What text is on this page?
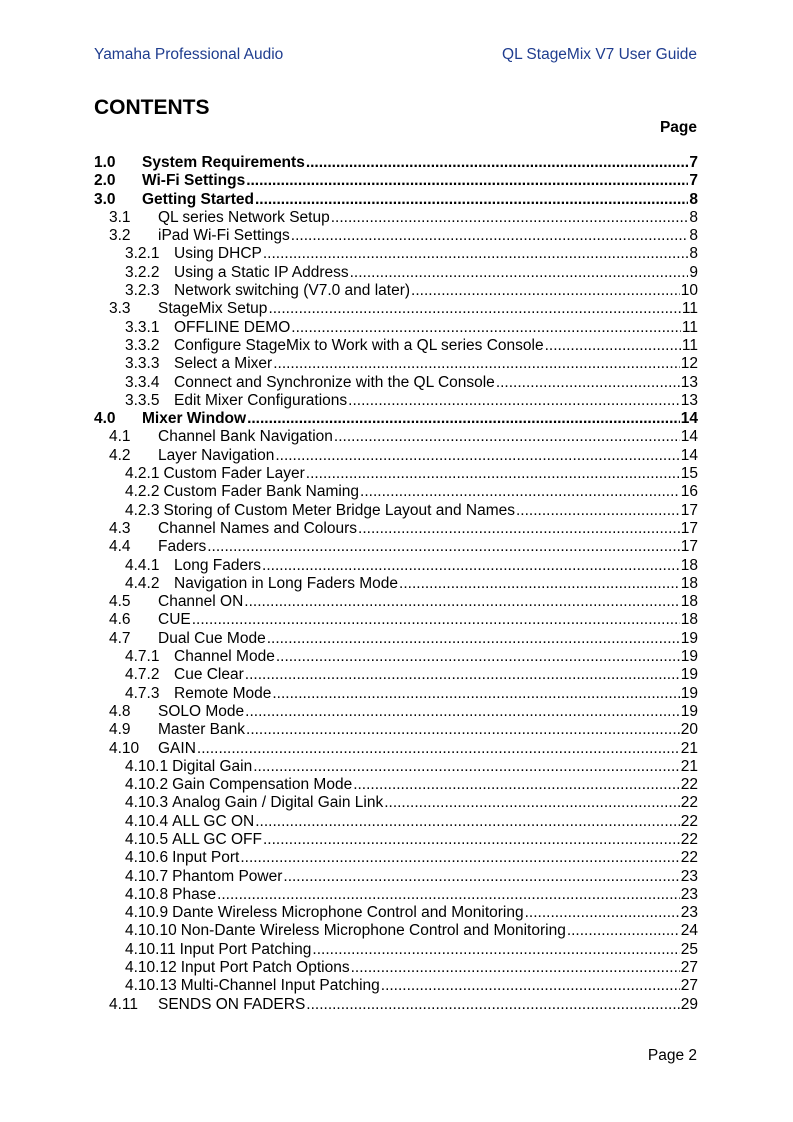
Yamaha Professional Audio	QL StageMix V7 User Guide
CONTENTS
Page
1.0	System Requirements .....	7
2.0	Wi-Fi Settings .....	7
3.0	Getting Started .....	8
3.1	QL series Network Setup .....	8
3.2	iPad Wi-Fi Settings .....	8
3.2.1 Using DHCP .....	8
3.2.2 Using a Static IP Address .....	9
3.2.3 Network switching (V7.0 and later) .....	10
3.3	StageMix Setup .....	11
3.3.1 OFFLINE DEMO .....	11
3.3.2 Configure StageMix to Work with a QL series Console .....	11
3.3.3 Select a Mixer .....	12
3.3.4 Connect and Synchronize with the QL Console .....	13
3.3.5 Edit Mixer Configurations .....	13
4.0	Mixer Window .....	14
4.1	Channel Bank Navigation .....	14
4.2	Layer Navigation .....	14
4.2.1 Custom Fader Layer .....	15
4.2.2 Custom Fader Bank Naming .....	16
4.2.3 Storing of Custom Meter Bridge Layout and Names .....	17
4.3	Channel Names and Colours .....	17
4.4	Faders .....	17
4.4.1 Long Faders .....	18
4.4.2 Navigation in Long Faders Mode .....	18
4.5	Channel ON .....	18
4.6	CUE .....	18
4.7	Dual Cue Mode .....	19
4.7.1 Channel Mode .....	19
4.7.2 Cue Clear .....	19
4.7.3 Remote Mode .....	19
4.8	SOLO Mode .....	19
4.9	Master Bank .....	20
4.10	GAIN .....	21
4.10.1 Digital Gain .....	21
4.10.2 Gain Compensation Mode .....	22
4.10.3 Analog Gain / Digital Gain Link .....	22
4.10.4 ALL GC ON .....	22
4.10.5 ALL GC OFF .....	22
4.10.6 Input Port .....	22
4.10.7 Phantom Power .....	23
4.10.8 Phase .....	23
4.10.9 Dante Wireless Microphone Control and Monitoring .....	23
4.10.10 Non-Dante Wireless Microphone Control and Monitoring .....	24
4.10.11 Input Port Patching .....	25
4.10.12 Input Port Patch Options .....	27
4.10.13 Multi-Channel Input Patching .....	27
4.11	SENDS ON FADERS .....	29
Page 2
